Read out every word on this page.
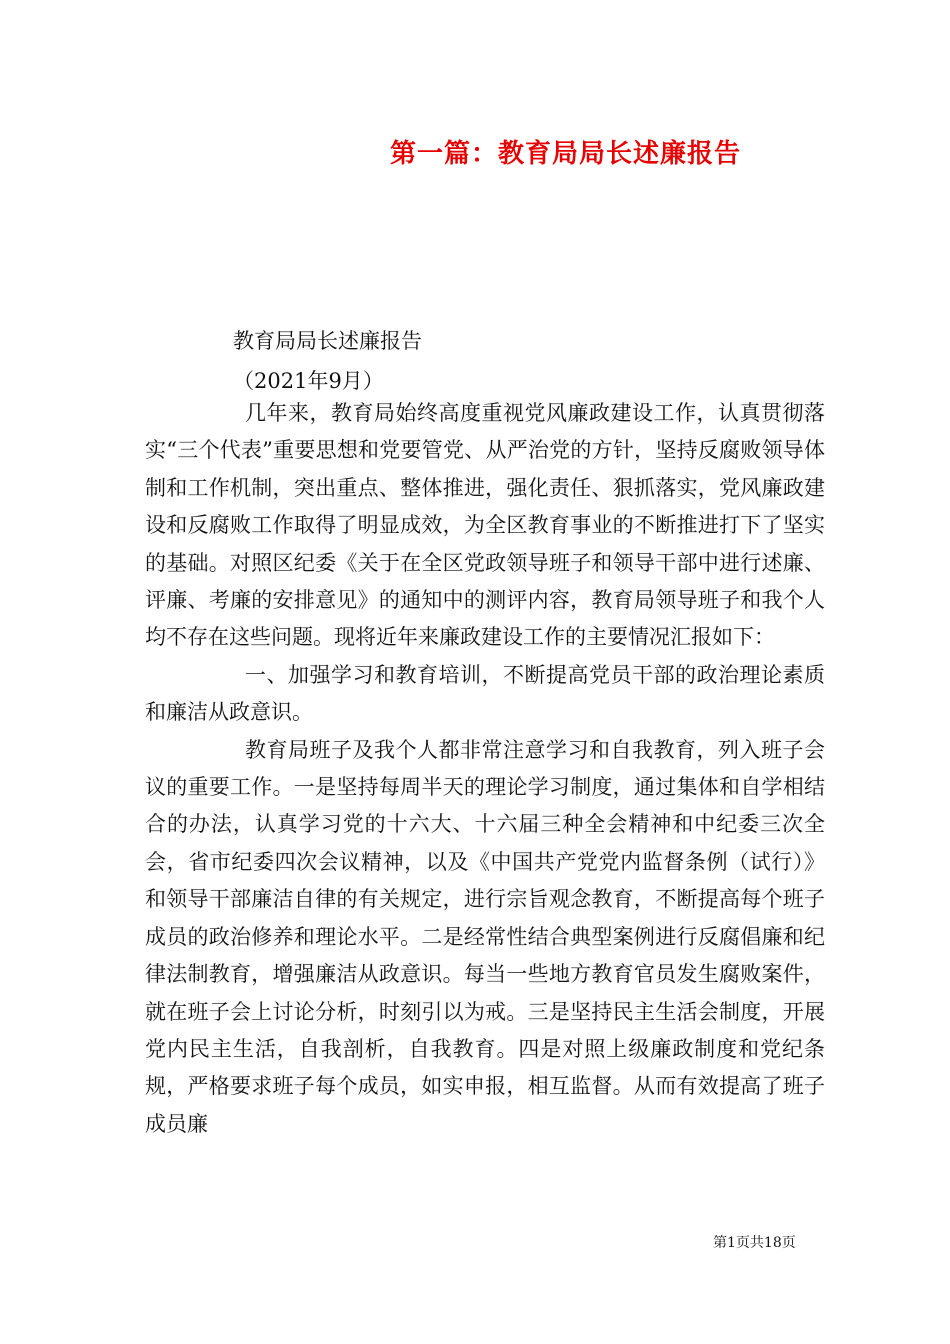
第一篇：教育局局长述廉报告
教育局局长述廉报告
（2021年9月）

几年来，教育局始终高度重视党风廉政建设工作，认真贯彻落实“三个代表”重要思想和党要管党、从严治党的方针，坚持反腐败领导体制和工作机制，突出重点、整体推进，强化责任、狠抓落实，党风廉政建设和反腐败工作取得了明显成效，为全区教育事业的不断推进打下了坚实的基础。对照区纪委《关于在全区党政领导班子和领导干部中进行述廉、评廉、考廉的安排意见》的通知中的测评内容，教育局领导班子和我个人均不存在这些问题。现将近年来廉政建设工作的主要情况汇报如下：

一、加强学习和教育培训，不断提高党员干部的政治理论素质和廉洁从政意识。

教育局班子及我个人都非常注意学习和自我教育，列入班子会议的重要工作。一是坚持每周半天的理论学习制度，通过集体和自学相结合的办法，认真学习党的十六大、十六届三种全会精神和中纪委三次全会，省市纪委四次会议精神，以及《中国共产党党内监督条例（试行）》和领导干部廉洁自律的有关规定，进行宗旨观念教育，不断提高每个班子成员的政治修养和理论水平。二是经常性结合典型案例进行反腐倡廉和纪律法制教育，增强廉洁从政意识。每当一些地方教育官员发生腐败案件，就在班子会上讨论分析，时刻引以为戒。三是坚持民主生活会制度，开展党内民主生活，自我剖析，自我教育。四是对照上级廉政制度和党纪条规，严格要求班子每个成员，如实申报，相互监督。从而有效提高了班子成员廉

第1页共18页
